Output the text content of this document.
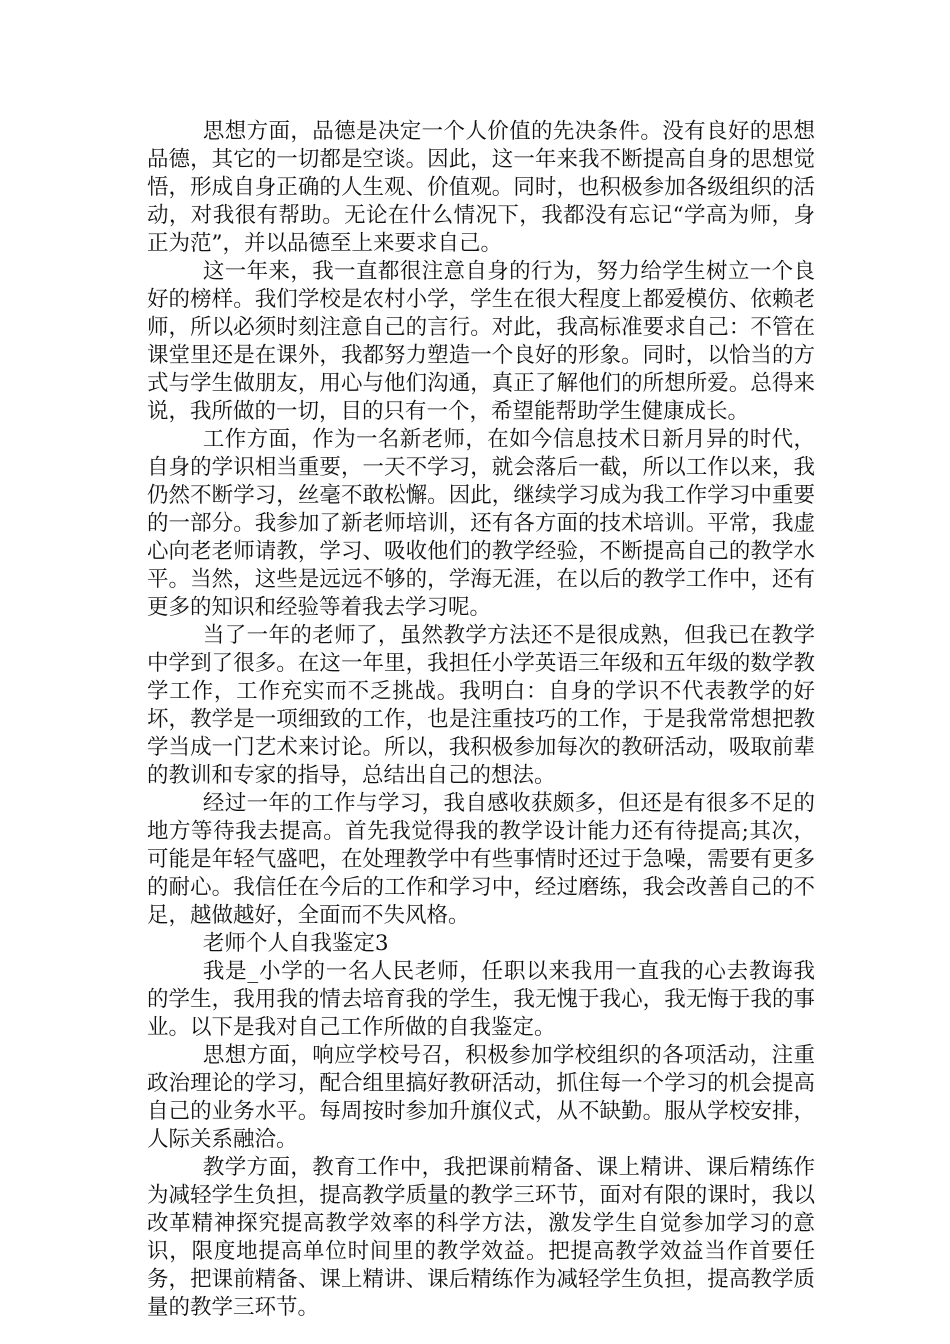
思想方面，品德是决定一个人价值的先决条件。没有良好的思想品德，其它的一切都是空谈。因此，这一年来我不断提高自身的思想觉悟，形成自身正确的人生观、价值观。同时，也积极参加各级组织的活动，对我很有帮助。无论在什么情况下，我都没有忘记“学高为师，身正为范”，并以品德至上来要求自己。

这一年来，我一直都很注意自身的行为，努力给学生树立一个良好的榜样。我们学校是农村小学，学生在很大程度上都爱模仿、依赖老师，所以必须时刻注意自己的言行。对此，我高标准要求自己：不管在课堂里还是在课外，我都努力塑造一个良好的形象。同时，以恰当的方式与学生做朋友，用心与他们沟通，真正了解他们的所想所爱。总得来说，我所做的一切，目的只有一个，希望能帮助学生健康成长。

工作方面，作为一名新老师，在如今信息技术日新月异的时代，自身的学识相当重要，一天不学习，就会落后一截，所以工作以来，我仍然不断学习，丝毫不敢松懈。因此，继续学习成为我工作学习中重要的一部分。我参加了新老师培训，还有各方面的技术培训。平常，我虚心向老老师请教，学习、吸收他们的教学经验，不断提高自己的教学水平。当然，这些是远远不够的，学海无涯，在以后的教学工作中，还有更多的知识和经验等着我去学习呢。

当了一年的老师了，虽然教学方法还不是很成熟，但我已在教学中学到了很多。在这一年里，我担任小学英语三年级和五年级的数学教学工作，工作充实而不乏挑战。我明白：自身的学识不代表教学的好坏，教学是一项细致的工作，也是注重技巧的工作，于是我常常想把教学当成一门艺术来讨论。所以，我积极参加每次的教研活动，吸取前辈的教训和专家的指导，总结出自己的想法。

经过一年的工作与学习，我自感收获颇多，但还是有很多不足的地方等待我去提高。首先我觉得我的教学设计能力还有待提高;其次，可能是年轻气盛吧，在处理教学中有些事情时还过于急噪，需要有更多的耐心。我信任在今后的工作和学习中，经过磨练，我会改善自己的不足，越做越好，全面而不失风格。

老师个人自我鉴定3

我是_小学的一名人民老师，任职以来我用一直我的心去教诲我的学生，我用我的情去培育我的学生，我无愧于我心，我无悔于我的事业。以下是我对自己工作所做的自我鉴定。

思想方面，响应学校号召，积极参加学校组织的各项活动，注重政治理论的学习，配合组里搞好教研活动，抓住每一个学习的机会提高自己的业务水平。每周按时参加升旗仪式，从不缺勤。服从学校安排，人际关系融洽。

教学方面，教育工作中，我把课前精备、课上精讲、课后精练作为减轻学生负担，提高教学质量的教学三环节，面对有限的课时，我以改革精神探究提高教学效率的科学方法，激发学生自觉参加学习的意识，限度地提高单位时间里的教学效益。把提高教学效益当作首要任务，把课前精备、课上精讲、课后精练作为减轻学生负担，提高教学质量的教学三环节。
